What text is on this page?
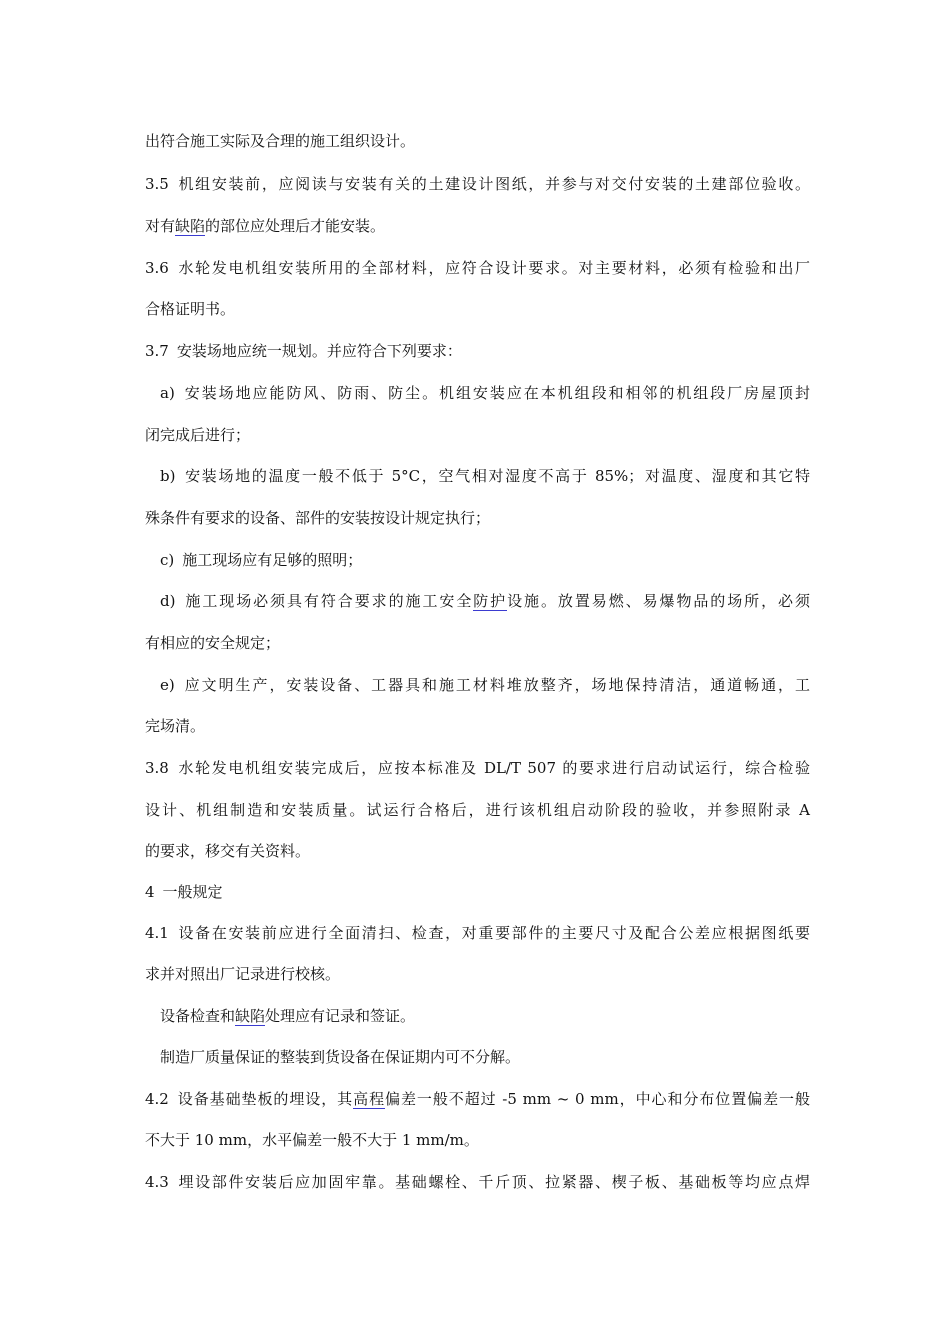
出符合施工实际及合理的施工组织设计。
3.5 机组安装前，应阅读与安装有关的土建设计图纸，并参与对交付安装的土建部位验收。
对有缺陷的部位应处理后才能安装。
3.6 水轮发电机组安装所用的全部材料，应符合设计要求。对主要材料，必须有检验和出厂
合格证明书。
3.7 安装场地应统一规划。并应符合下列要求：
a) 安装场地应能防风、防雨、防尘。机组安装应在本机组段和相邻的机组段厂房屋顶封
闭完成后进行；
b) 安装场地的温度一般不低于 5°C，空气相对湿度不高于 85%；对温度、湿度和其它特
殊条件有要求的设备、部件的安装按设计规定执行；
c) 施工现场应有足够的照明；
d) 施工现场必须具有符合要求的施工安全防护设施。放置易燃、易爆物品的场所，必须
有相应的安全规定；
e) 应文明生产，安装设备、工器具和施工材料堆放整齐，场地保持清洁，通道畅通，工
完场清。
3.8 水轮发电机组安装完成后，应按本标准及 DL/T 507 的要求进行启动试运行，综合检验
设计、机组制造和安装质量。试运行合格后，进行该机组启动阶段的验收，并参照附录 A
的要求，移交有关资料。
4 一般规定
4.1 设备在安装前应进行全面清扫、检查，对重要部件的主要尺寸及配合公差应根据图纸要
求并对照出厂记录进行校核。
设备检查和缺陷处理应有记录和签证。
制造厂质量保证的整装到货设备在保证期内可不分解。
4.2 设备基础垫板的埋设，其高程偏差一般不超过 -5 mm ~ 0 mm，中心和分布位置偏差一般
不大于 10 mm，水平偏差一般不大于 1 mm/m。
4.3 埋设部件安装后应加固牢靠。基础螺栓、千斤顶、拉紧器、楔子板、基础板等均应点焊
